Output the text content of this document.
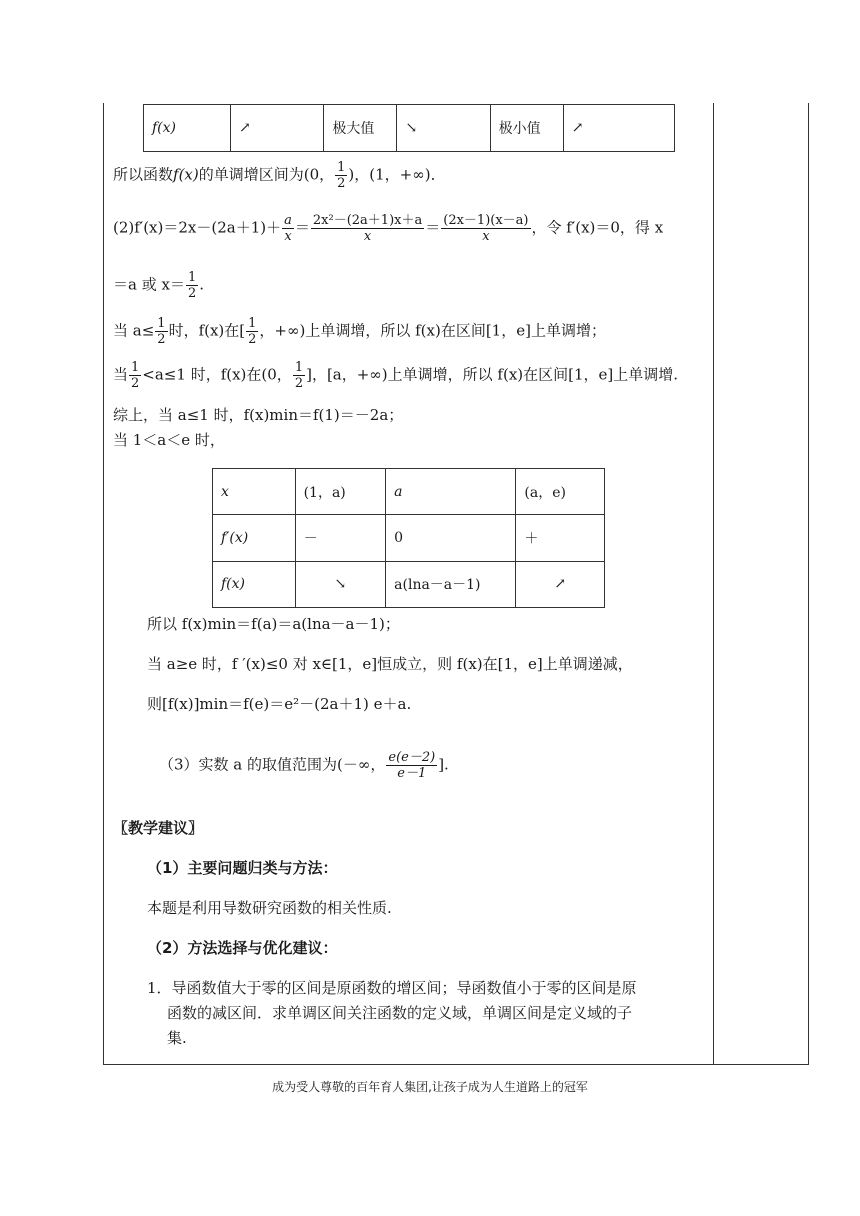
f(x)	↗	极大值	↘	极小值	↗
所以函数f(x)的单调增区间为(0， $\frac{1}{2}$ )，(1，+∞)．
$(2)f'(x)=2x-(2a+1)+ \frac{a}{x} = \frac{\text{2x²－(2a＋1)x＋a}}{x} = \frac{(2x-1)(x-a)}{x}$ ，令 f′(x)＝0，得 x
＝a 或 $x= \frac{1}{2}$ .
当 $a\le \frac{1}{2}$ 时，f(x)在[ $\frac{1}{2}$ ，+∞)上单调增，所以 f(x)在区间[1，e]上单调增；
当 $\frac{1}{2} <a\le 1$ 时，f(x)在(0， $\frac{1}{2}$ ]，[a，+∞)上单调增，所以 f(x)在区间[1，e]上单调增.
综上，当 a≤1 时，f(x)min＝f(1)＝－2a；
当 1＜a＜e 时，
x	(1，a)	a	(a，e)
f′(x)	－	0	＋
f(x)	↘	a(lna－a－1)	↗
所以 f(x)min＝f(a)＝a(lna－a－1)；
当 a≥e 时，f ′(x)≤0 对 x∈[1，e]恒成立，则 f(x)在[1，e]上单调递减，
则[f(x)]min＝f(e)＝e²－(2a＋1) e＋a.
（3）实数 a 的取值范围为(－∞， $\frac{e(e-2)}{e-1}$ ].
〖教学建议〗
（1）主要问题归类与方法：
本题是利用导数研究函数的相关性质.
（2）方法选择与优化建议：
1．导函数值大于零的区间是原函数的增区间；导函数值小于零的区间是原
函数的减区间．求单调区间关注函数的定义域，单调区间是定义域的子
集.
成为受人尊敬的百年育人集团,让孩子成为人生道路上的冠军
